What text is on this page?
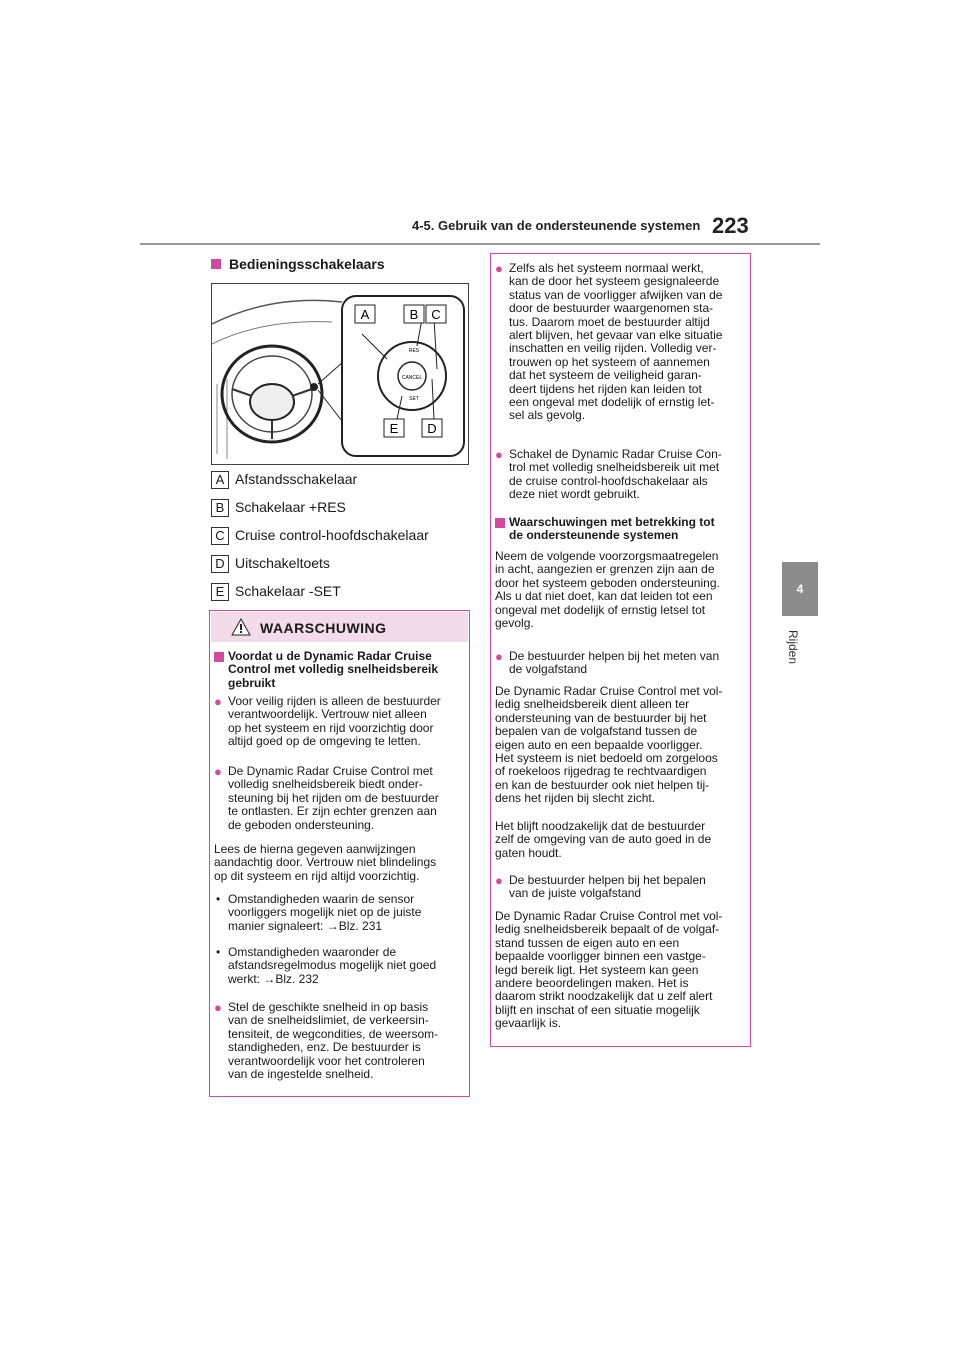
4-5. Gebruik van de ondersteunende systemen 223
4
Rijden
Bedieningsschakelaars
CANCEL
RES
SET
A	B C
E D
A Afstandsschakelaar
B Schakelaar +RES
C Cruise control-hoofdschakelaar
D Uitschakeltoets
E Schakelaar -SET
WAARSCHUWING

Voordat u de Dynamic Radar Cruise

Control met volledig snelheidsbereik

gebruikt

● Voor veilig rijden is alleen de bestuurder

verantwoordelijk. Vertrouw niet alleen

op het systeem en rijd voorzichtig door

altijd goed op de omgeving te letten.

● De Dynamic Radar Cruise Control met

volledig snelheidsbereik biedt onder-

steuning bij het rijden om de bestuurder

te ontlasten. Er zijn echter grenzen aan

de geboden ondersteuning.

Lees de hierna gegeven aanwijzingen

aandachtig door. Vertrouw niet blindelings

op dit systeem en rijd altijd voorzichtig.

• Omstandigheden waarin de sensor

voorliggers mogelijk niet op de juiste

manier signaleert: →Blz. 231

• Omstandigheden waaronder de

afstandsregelmodus mogelijk niet goed

werkt: →Blz. 232

● Stel de geschikte snelheid in op basis

van de snelheidslimiet, de verkeersin-

tensiteit, de wegcondities, de weersom-

standigheden, enz. De bestuurder is

verantwoordelijk voor het controleren

van de ingestelde snelheid.

● Zelfs als het systeem normaal werkt,

kan de door het systeem gesignaleerde

status van de voorligger afwijken van de

door de bestuurder waargenomen sta-

tus. Daarom moet de bestuurder altijd

alert blijven, het gevaar van elke situatie

inschatten en veilig rijden. Volledig ver-

trouwen op het systeem of aannemen

dat het systeem de veiligheid garan-

deert tijdens het rijden kan leiden tot

een ongeval met dodelijk of ernstig let-

sel als gevolg.

● Schakel de Dynamic Radar Cruise Con-

trol met volledig snelheidsbereik uit met

de cruise control-hoofdschakelaar als

deze niet wordt gebruikt.

Waarschuwingen met betrekking tot

de ondersteunende systemen

Neem de volgende voorzorgsmaatregelen

in acht, aangezien er grenzen zijn aan de

door het systeem geboden ondersteuning.

Als u dat niet doet, kan dat leiden tot een

ongeval met dodelijk of ernstig letsel tot

gevolg.

● De bestuurder helpen bij het meten van

de volgafstand

De Dynamic Radar Cruise Control met vol-

ledig snelheidsbereik dient alleen ter

ondersteuning van de bestuurder bij het

bepalen van de volgafstand tussen de

eigen auto en een bepaalde voorligger.

Het systeem is niet bedoeld om zorgeloos

of roekeloos rijgedrag te rechtvaardigen

en kan de bestuurder ook niet helpen tij-

dens het rijden bij slecht zicht.

Het blijft noodzakelijk dat de bestuurder

zelf de omgeving van de auto goed in de

gaten houdt.

● De bestuurder helpen bij het bepalen

van de juiste volgafstand

De Dynamic Radar Cruise Control met vol-

ledig snelheidsbereik bepaalt of de volgaf-

stand tussen de eigen auto en een

bepaalde voorligger binnen een vastge-

legd bereik ligt. Het systeem kan geen

andere beoordelingen maken. Het is

daarom strikt noodzakelijk dat u zelf alert

blijft en inschat of een situatie mogelijk

gevaarlijk is.
